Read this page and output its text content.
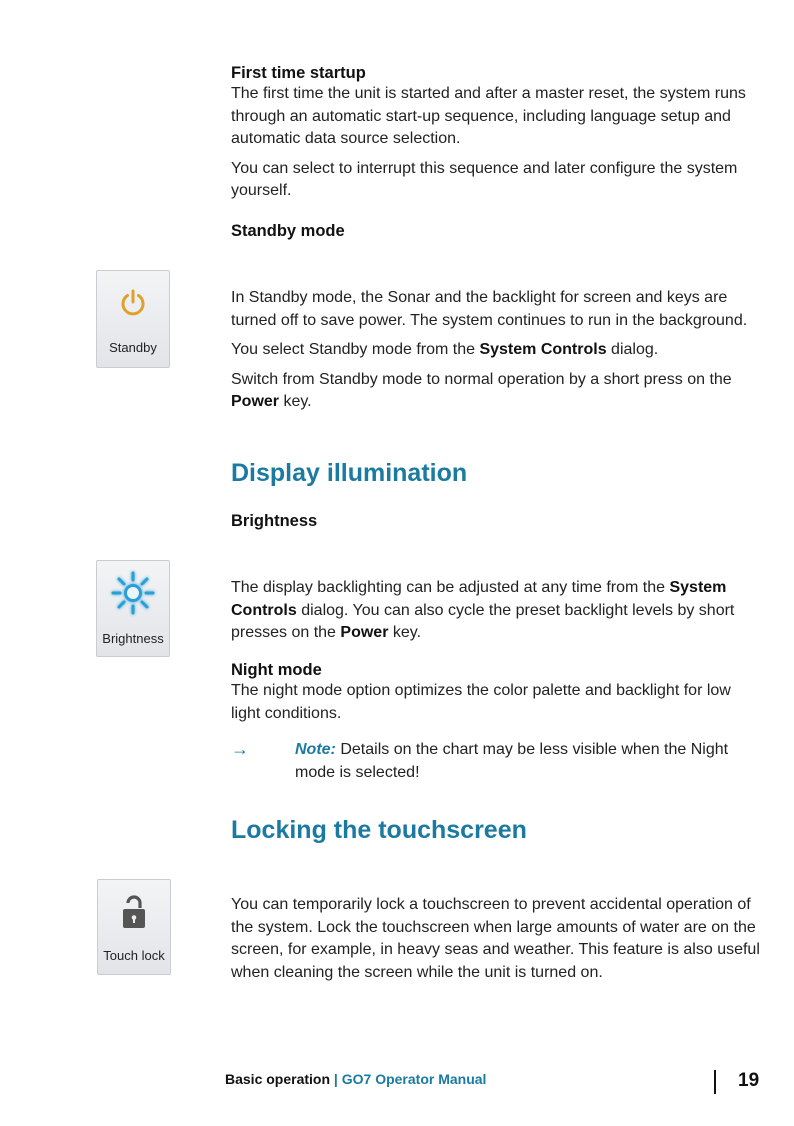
First time startup

The first time the unit is started and after a master reset, the system runs through an automatic start-up sequence, including language setup and automatic data source selection.

You can select to interrupt this sequence and later configure the system yourself.

Standby mode

Standby

In Standby mode, the Sonar and the backlight for screen and keys are turned off to save power. The system continues to run in the background.

You select Standby mode from the System Controls dialog.

Switch from Standby mode to normal operation by a short press on the Power key.

Display illumination

Brightness

Brightness

The display backlighting can be adjusted at any time from the System Controls dialog. You can also cycle the preset backlight levels by short presses on the Power key.

Night mode

The night mode option optimizes the color palette and backlight for low light conditions.

→	Note: Details on the chart may be less visible when the Night mode is selected!

Locking the touchscreen

Touch lock

You can temporarily lock a touchscreen to prevent accidental operation of the system. Lock the touchscreen when large amounts of water are on the screen, for example, in heavy seas and weather. This feature is also useful when cleaning the screen while the unit is turned on.

Basic operation | GO7 Operator Manual	19
